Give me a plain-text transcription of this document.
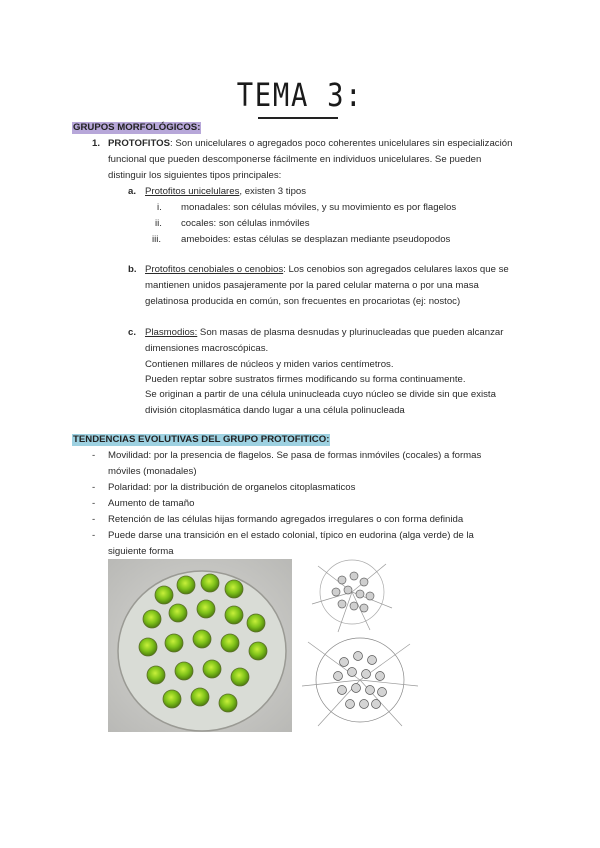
TEMA 3:
GRUPOS MORFOLÓGICOS:
1. PROTOFITOS: Son unicelulares o agregados poco coherentes unicelulares sin especialización
funcional que pueden descomponerse fácilmente en individuos unicelulares. Se pueden
distinguir los siguientes tipos principales:
a. Protofitos unicelulares, existen 3 tipos
i. monadales: son células móviles, y su movimiento es por flagelos
ii. cocales: son células inmóviles
iii. ameboides: estas células se desplazan mediante pseudopodos
b. Protofitos cenobiales o cenobios: Los cenobios son agregados celulares laxos que se
mantienen unidos pasajeramente por la pared celular materna o por una masa
gelatinosa producida en común, son frecuentes en procariotas (ej: nostoc)
c. Plasmodios: Son masas de plasma desnudas y plurinucleadas que pueden alcanzar
dimensiones macroscópicas.
Contienen millares de núcleos y miden varios centímetros.
Pueden reptar sobre sustratos firmes modificando su forma continuamente.
Se originan a partir de una célula uninucleada cuyo núcleo se divide sin que exista
división citoplasmática dando lugar a una célula polinucleada
TENDENCIAS EVOLUTIVAS DEL GRUPO PROTOFITICO:
- Movilidad: por la presencia de flagelos. Se pasa de formas inmóviles (cocales) a formas
móviles (monadales)
- Polaridad: por la distribución de organelos citoplasmaticos
- Aumento de tamaño
- Retención de las células hijas formando agregados irregulares o con forma definida
- Puede darse una transición en el estado colonial, típico en eudorina (alga verde) de la
siguiente forma
